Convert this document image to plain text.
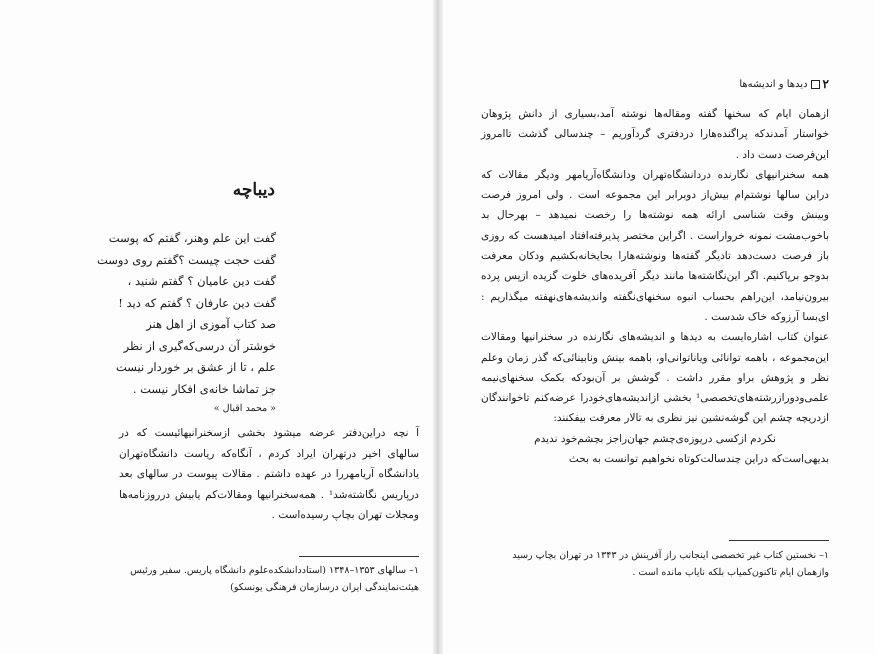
دیباچه
گفت این علم وهنر، گفتم که پوست
گفت حجت چیست ؟گفتم روی دوست
گفت دین عامیان ؟ گفتم شنید ،
گفت دین عارفان ؟ گفتم که دید !
صد کتاب آموزی از اهل هنر
خوشتر آن درسی‌که‌گیری از نظر
علم ، تا از عشق بر خوردار نیست
جز تماشا خانه‌ی افکار نیست .
« محمد اقبال »

آ نچه دراین‌دفتر عرضه میشود بخشی ازسخنرانیهائیست که در سالهای اخیر درتهران ایراد کردم ، آنگاه‌که ریاست دانشگاه‌تهران یادانشگاه آریامهررا در عهده داشتم . مقالات پیوست در سالهای بعد درپاریس نگاشته‌شد¹ . همه‌سخنرانیها ومقالات‌کم یابیش درروزنامه‌ها ومجلات تهران بچاپ رسیده‌است .

۱– سالهای ۱۳۵۳–۱۳۴۸ (استاددانشکده‌علوم دانشگاه پاریس. سفیر ورئیس هیئت‌نمایندگی ایران درسازمان فرهنگی یونسکو)

۲
دیدها و اندیشه‌ها

ازهمان ایام که سخنها گفته ومقاله‌ها نوشته آمد،بسیاری از دانش پژوهان خواستار آمدندکه پراگنده‌هارا دردفتری گردآوریم – چندسالی گذشت تاامروز این‌فرصت دست داد .

همه سخنرانیهای نگارنده دردانشگاه‌تهران ودانشگاه‌آریامهر ودیگر مقالات که دراین سالها نوشتم‌ام بیش‌از دوبرابر این مجموعه است . ولی امروز فرصت وبینش وقت شناسی ارائه همه نوشته‌ها را رخصت نمیدهد – بهرحال بد باخوب‌مشت نمونه خرواراست . اگراین مختصر پذیرفته‌افتاد امیدهست که روزی باز فرصت دست‌دهد تادیگر گفته‌ها ونوشته‌هارا بجایخانه‌بکشیم ودکان معرفت بدوجو برپاکنیم. اگر این‌نگاشته‌ها مانند دیگر آفریده‌های خلوت گزیده ازپس پرده بیرون‌نیامد، این‌راهم بحساب انبوه سخنهای‌نگفته واندیشه‌های‌نهفته میگذاریم : ای‌بسا آرزوکه خاک شدست .

عنوان کتاب اشاره‌ایست به دیدها و اندیشه‌های نگارنده در سخنرانیها ومقالات این‌مجموعه ، باهمه توانائی ویاناتوانی‌او، باهمه بینش ونابینائی‌که گذر زمان وعلم نظر و پژوهش براو مقرر داشت . گوشش بر آن‌بودکه بکمک سخنهای‌نیمه علمی‌ودورازرشته‌های‌تخصصی¹ بخشی ازاندیشه‌های‌خودرا عرضه‌کنم تاخوانندگان ازدریچه چشم این گوشه‌نشین نیز نظری به تالار معرفت بیفکنند:

نکردم ازکسی دریوزه‌ی‌چشم جهان‌راجز بچشم‌خود ندیدم

بدیهی‌است‌که دراین چندسالت‌کوتاه نخواهیم توانست به بحث

۱– نخستین کتاب غیر تخصصی اینجانب راز آفرینش در ۱۳۴۳ در تهران بچاپ رسید وازهمان ایام تاکنون‌کمیاب بلکه نایاب مانده است .
